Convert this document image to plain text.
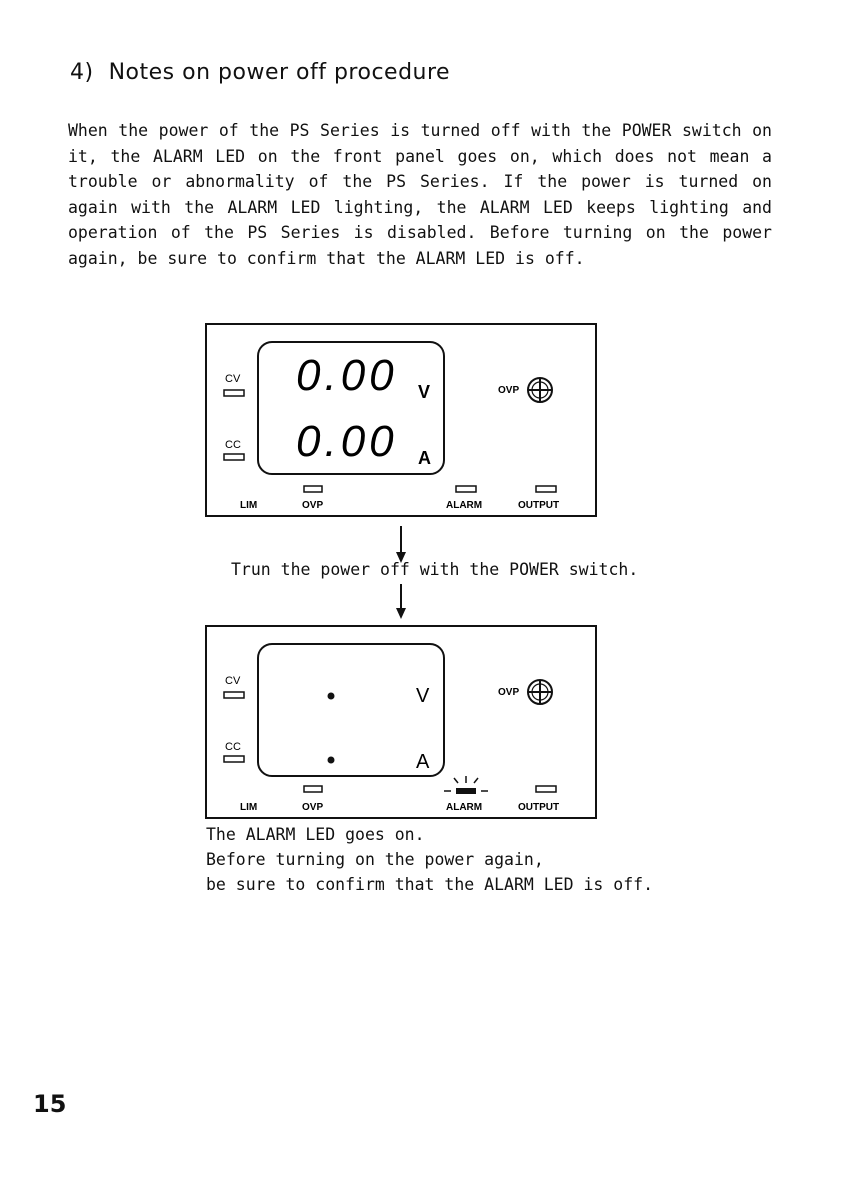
4) Notes on power off procedure
When the power of the PS Series is turned off with the POWER switch on it, the ALARM LED on the front panel goes on, which does not mean a trouble or abnormality of the PS Series. If the power is turned on again with the ALARM LED lighting, the ALARM LED keeps lighting and operation of the PS Series is disabled. Before turning on the power again, be sure to confirm that the ALARM LED is off.
CV
CC
0.00 V
0.00 A
OVP
LIM	OVP	ALARM	OUTPUT
Trun the power off with the POWER switch.
CV
CC
V
A
OVP
LIM	OVP	ALARM	OUTPUT
The ALARM LED goes on.
Before turning on the power again,
be sure to confirm that the ALARM LED is off.
15
